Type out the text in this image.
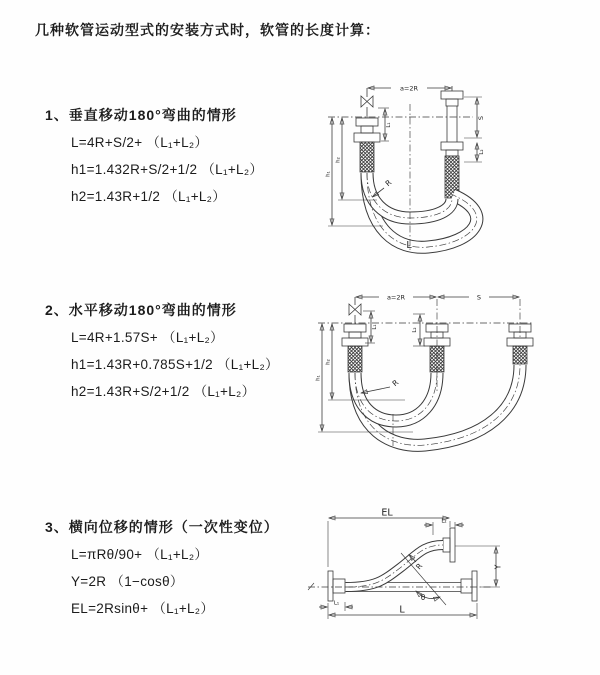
几种软管运动型式的安装方式时，软管的长度计算：
1、垂直移动180°弯曲的情形
L=4R+S/2+ （L₁+L₂）
h1=1.432R+S/2+1/2 （L₁+L₂）
h2=1.43R+1/2 （L₁+L₂）
a=2R
S
L₂
L₁
h₁
h₂
R
L
2、水平移动180°弯曲的情形
L=4R+1.57S+ （L₁+L₂）
h1=1.43R+0.785S+1/2 （L₁+L₂）
h2=1.43R+S/2+1/2 （L₁+L₂）
a=2R	S
L₁
L₂
h₁
h₂
R
3、横向位移的情形（一次性变位）
L=πRθ/90+ （L₁+L₂）
Y=2R （1−cosθ）
EL=2Rsinθ+ （L₁+L₂）
EL
L₂
Y
R
θ
L
L₁
